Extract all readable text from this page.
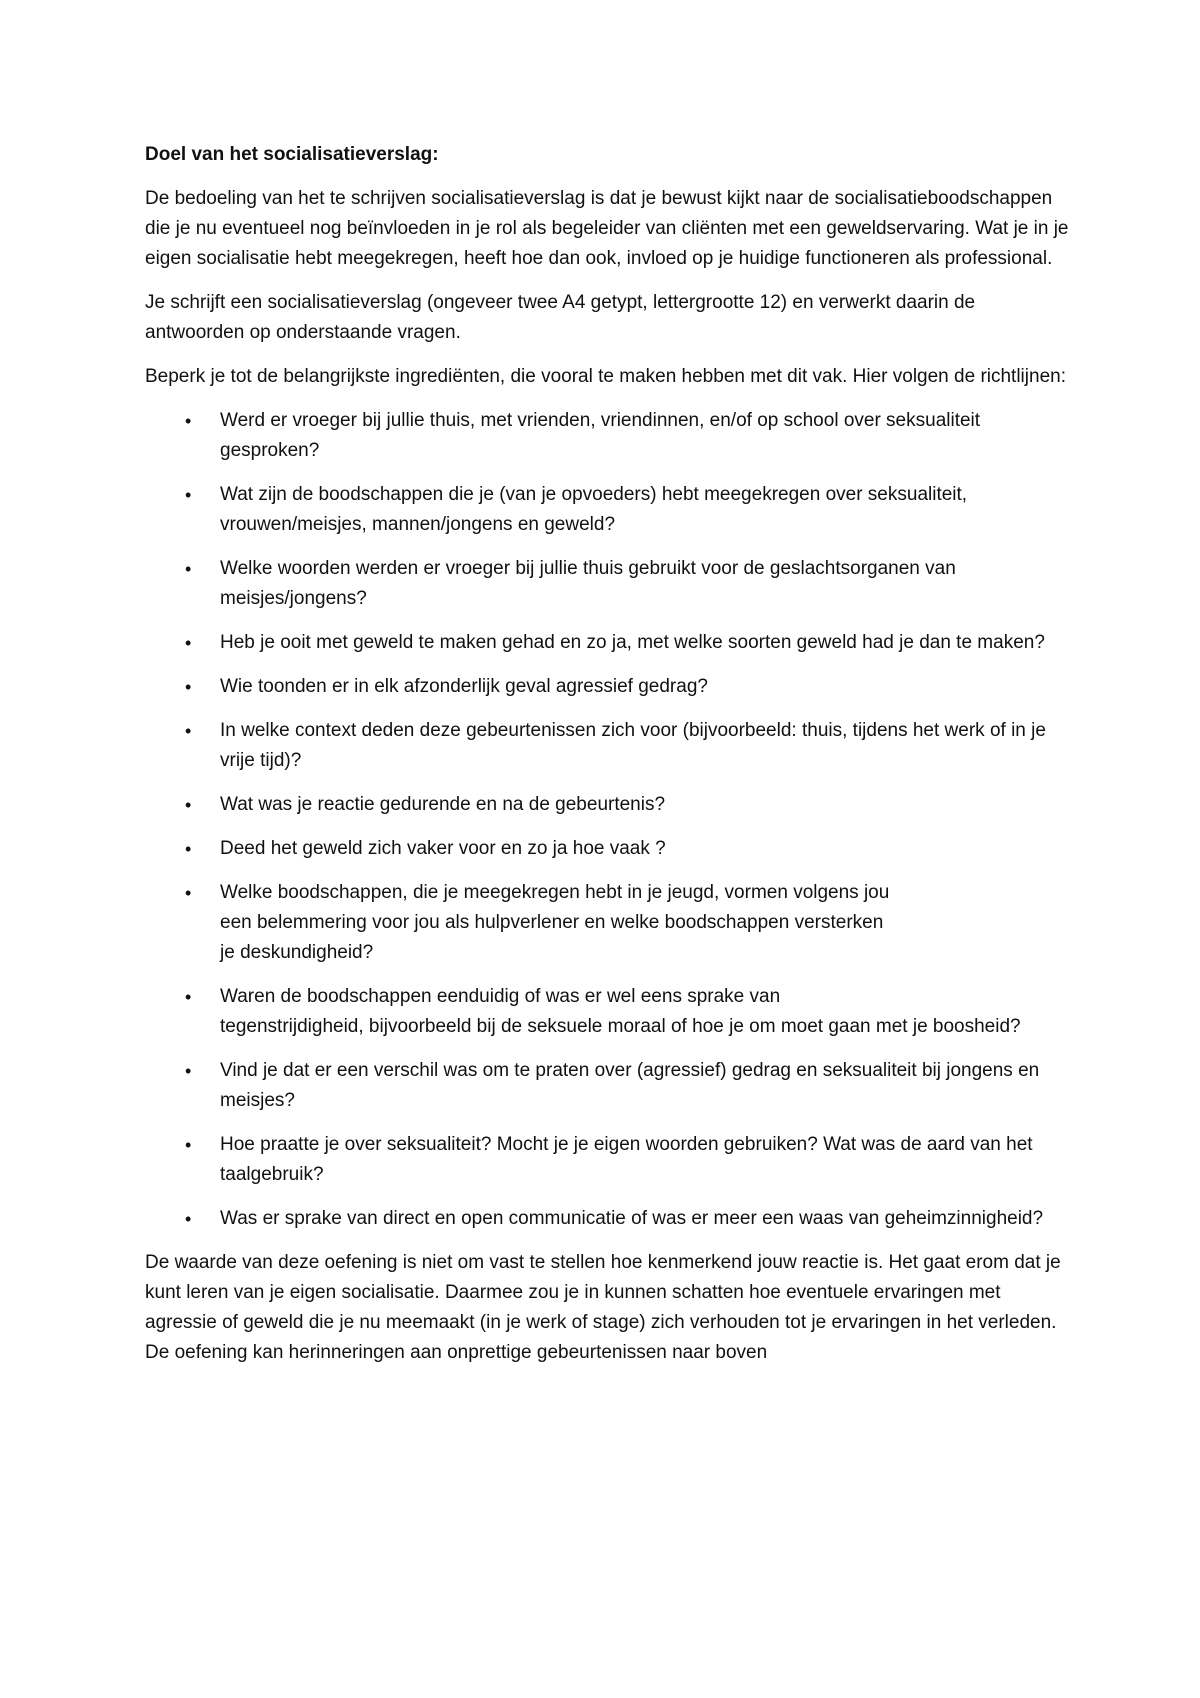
Doel van het socialisatieverslag:

De bedoeling van het te schrijven socialisatieverslag is dat je bewust kijkt naar de socialisatieboodschappen die je nu eventueel nog beïnvloeden in je rol als begeleider van cliënten met een geweldservaring. Wat je in je eigen socialisatie hebt meegekregen, heeft hoe dan ook, invloed op je huidige functioneren als professional.

Je schrijft een socialisatieverslag (ongeveer twee A4 getypt, lettergrootte 12) en verwerkt daarin de antwoorden op onderstaande vragen.

Beperk je tot de belangrijkste ingrediënten, die vooral te maken hebben met dit vak. Hier volgen de richtlijnen:

• Werd er vroeger bij jullie thuis, met vrienden, vriendinnen, en/of op school over seksualiteit gesproken?
• Wat zijn de boodschappen die je (van je opvoeders) hebt meegekregen over seksualiteit, vrouwen/meisjes, mannen/jongens en geweld?
• Welke woorden werden er vroeger bij jullie thuis gebruikt voor de geslachtsorganen van meisjes/jongens?
• Heb je ooit met geweld te maken gehad en zo ja, met welke soorten geweld had je dan te maken?
• Wie toonden er in elk afzonderlijk geval agressief gedrag?
• In welke context deden deze gebeurtenissen zich voor (bijvoorbeeld: thuis, tijdens het werk of in je vrije tijd)?
• Wat was je reactie gedurende en na de gebeurtenis?
• Deed het geweld zich vaker voor en zo ja hoe vaak ?
• Welke boodschappen, die je meegekregen hebt in je jeugd, vormen volgens jou
een belemmering voor jou als hulpverlener en welke boodschappen versterken
je deskundigheid?
• Waren de boodschappen eenduidig of was er wel eens sprake van
tegenstrijdigheid, bijvoorbeeld bij de seksuele moraal of hoe je om moet gaan met je boosheid?
• Vind je dat er een verschil was om te praten over (agressief) gedrag en seksualiteit bij jongens en meisjes?
• Hoe praatte je over seksualiteit? Mocht je je eigen woorden gebruiken? Wat was de aard van het taalgebruik?
• Was er sprake van direct en open communicatie of was er meer een waas van geheimzinnigheid?

De waarde van deze oefening is niet om vast te stellen hoe kenmerkend jouw reactie is. Het gaat erom dat je kunt leren van je eigen socialisatie. Daarmee zou je in kunnen schatten hoe eventuele ervaringen met agressie of geweld die je nu meemaakt (in je werk of stage) zich verhouden tot je ervaringen in het verleden. De oefening kan herinneringen aan onprettige gebeurtenissen naar boven
